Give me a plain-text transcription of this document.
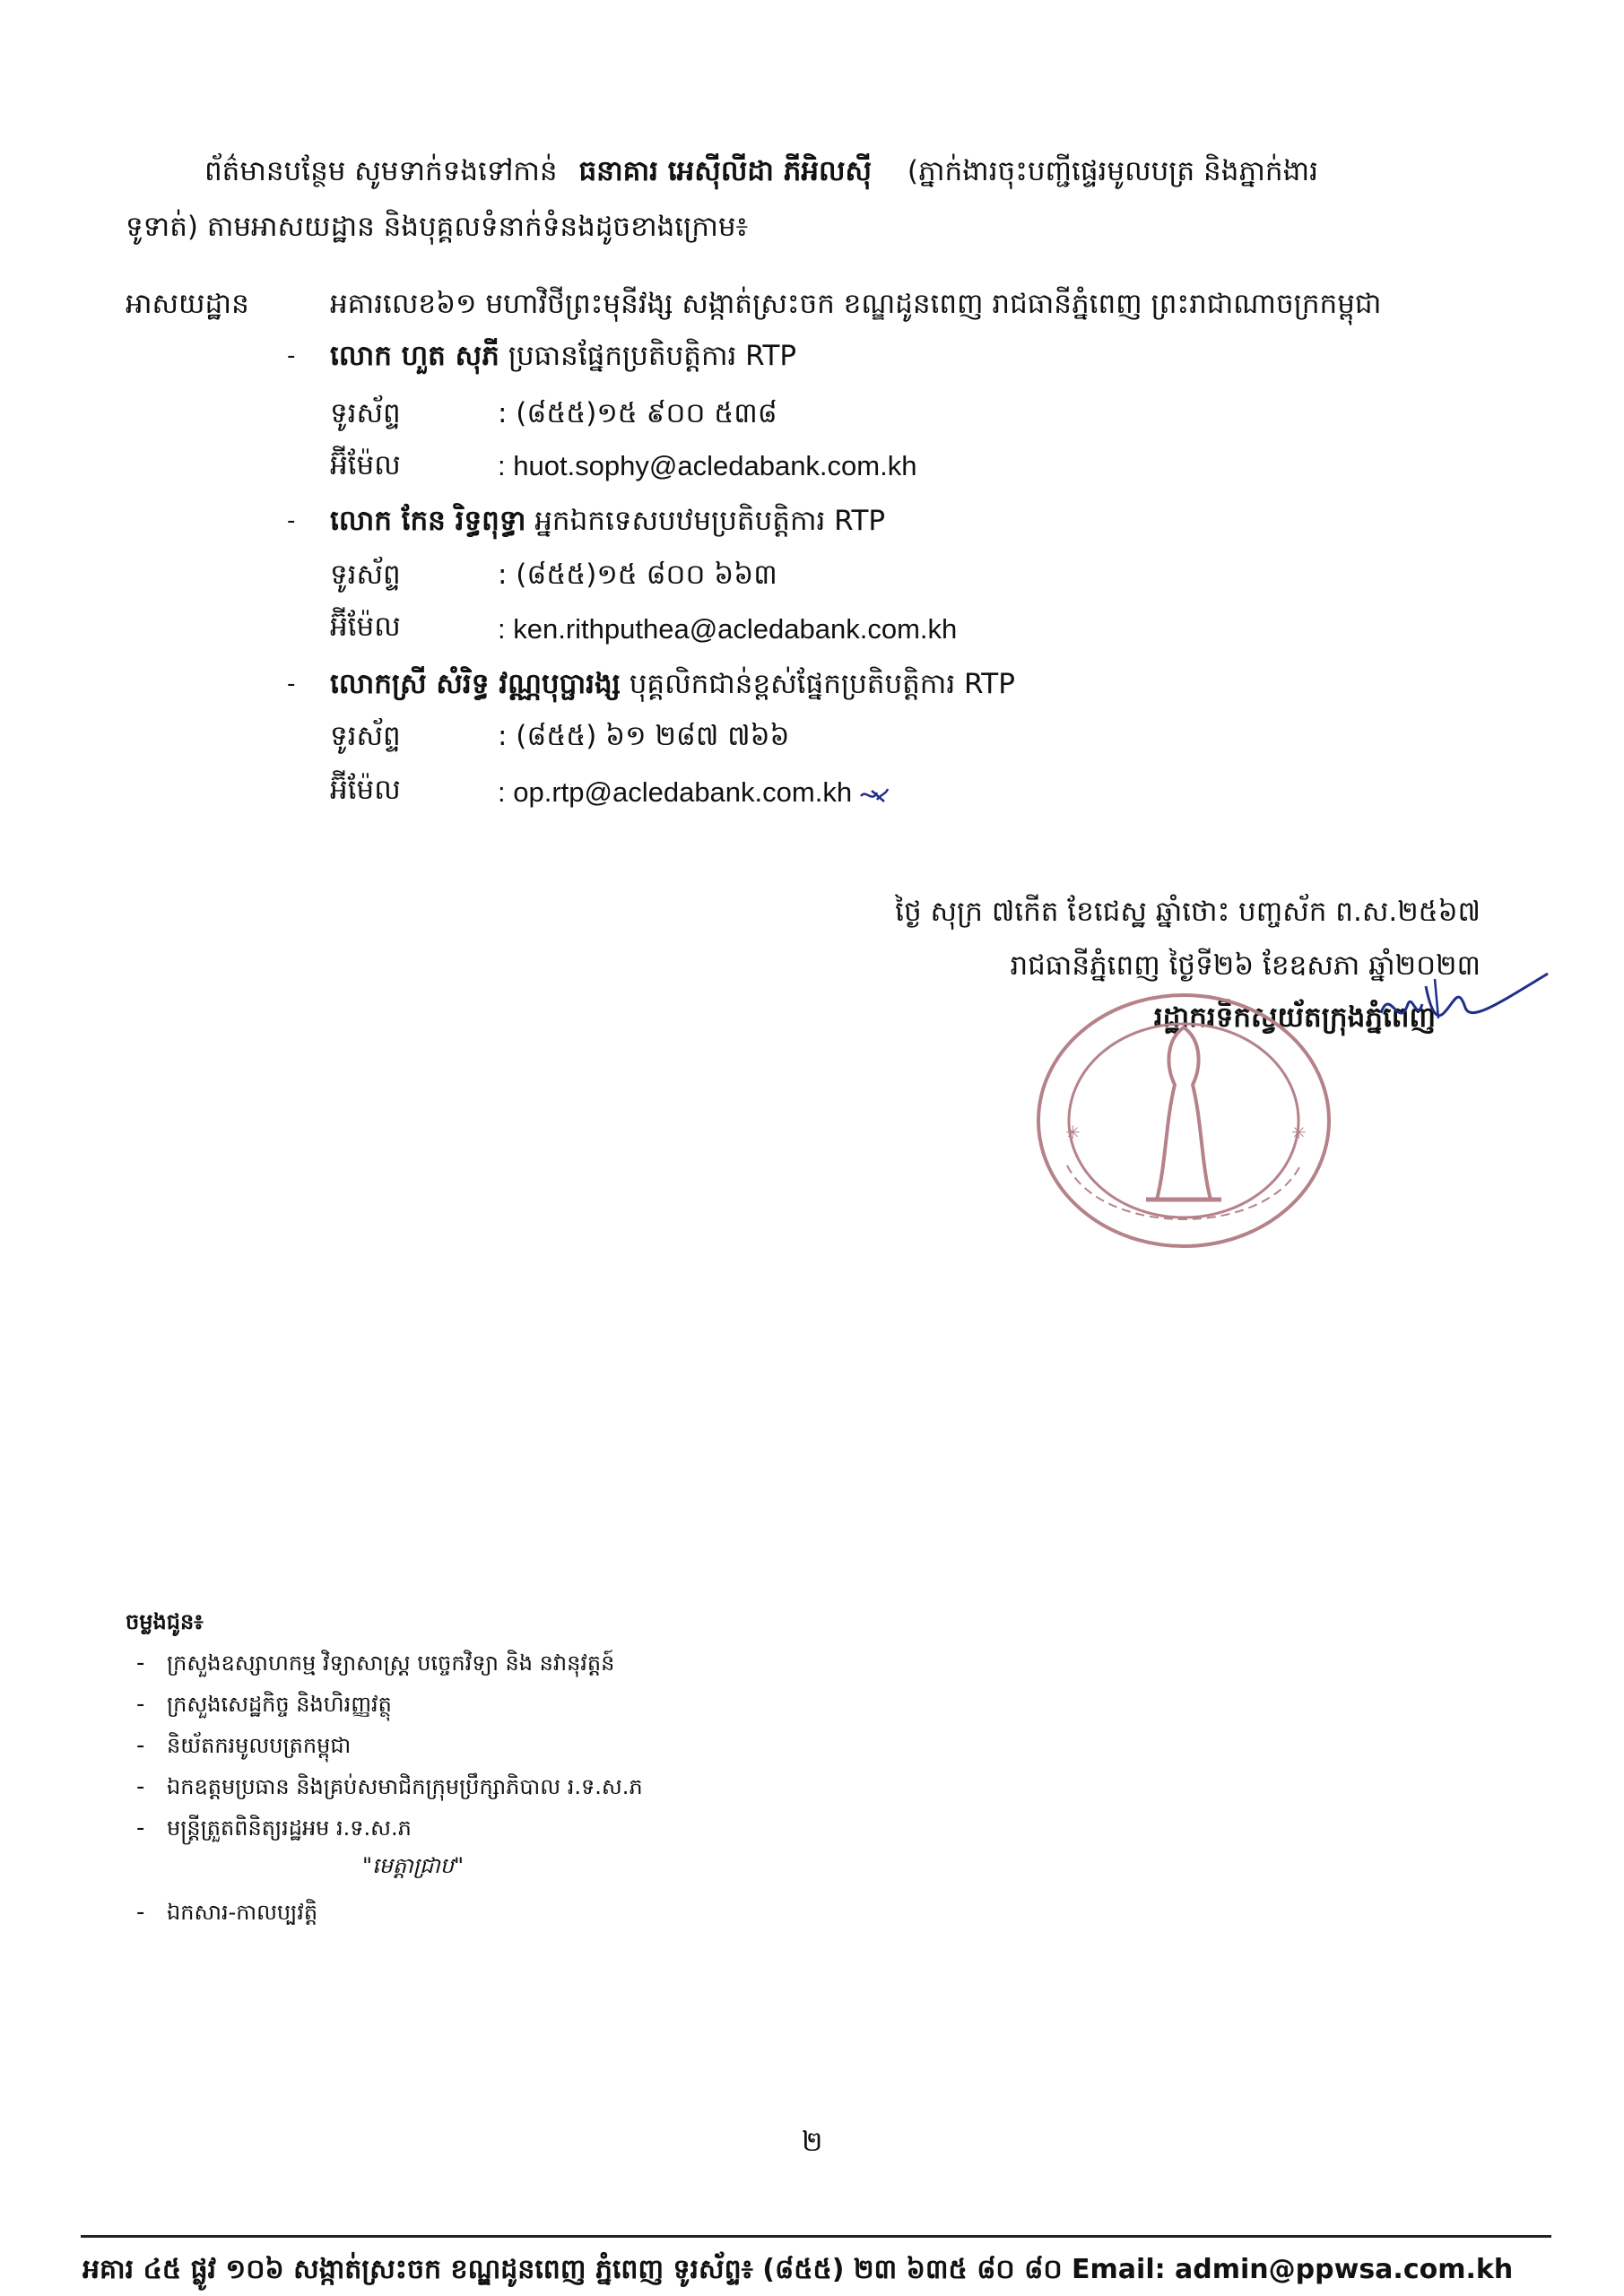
ព័ត៌មានបន្ថែម សូមទាក់ទងទៅកាន់ ធនាគារ អេស៊ីលីដា ភីអិលស៊ី (ភ្នាក់ងារចុះបញ្ជីផ្ទេរមូលបត្រ និងភ្នាក់ងារ
ទូទាត់) តាមអាសយដ្ឋាន និងបុគ្គលទំនាក់ទំនងដូចខាងក្រោម៖
អាសយដ្ឋាន	អគារលេខ៦១ មហាវិថីព្រះមុនីវង្ស សង្កាត់ស្រះចក ខណ្ឌដូនពេញ រាជធានីភ្នំពេញ ព្រះរាជាណាចក្រកម្ពុជា
- លោក ហួត សុភី ប្រធានផ្នែកប្រតិបត្តិការ RTP
ទូរស័ព្ទ	: (៨៥៥)១៥ ៩០០ ៥៣៨
អ៊ីម៉ែល	: huot.sophy@acledabank.com.kh
- លោក កែន រិទ្ធពុទ្ធា អ្នកឯកទេសបឋមប្រតិបត្តិការ RTP
ទូរស័ព្ទ	: (៨៥៥)១៥ ៨០០ ៦៦៣
អ៊ីម៉ែល	: ken.rithputhea@acledabank.com.kh
- លោកស្រី សំរិទ្ធ វណ្ណបុប្ផារង្ស បុគ្គលិកជាន់ខ្ពស់ផ្នែកប្រតិបត្តិការ RTP
ទូរស័ព្ទ	: (៨៥៥) ៦១ ២៨៧ ៧៦៦
អ៊ីម៉ែល	: op.rtp@acledabank.com.kh
ថ្ងៃ សុក្រ ៧កើត ខែជេស្ឋ ឆ្នាំថោះ បញ្ចស័ក ព.ស.២៥៦៧
រាជធានីភ្នំពេញ ថ្ងៃទី២៦ ខែឧសភា ឆ្នាំ២០២៣
រដ្ឋាករទឹកស្វយ័តក្រុងភ្នំពេញ
✳	✳
ចម្លងជូន៖
- ក្រសួងឧស្សាហកម្ម វិទ្យាសាស្ត្រ បច្ចេកវិទ្យា និង នវានុវត្តន៍
- ក្រសួងសេដ្ឋកិច្ច និងហិរញ្ញវត្ថុ
- និយ័តករមូលបត្រកម្ពុជា
- ឯកឧត្តមប្រធាន និងគ្រប់សមាជិកក្រុមប្រឹក្សាភិបាល រ.ទ.ស.ភ
- មន្ត្រីត្រួតពិនិត្យរដ្ឋអម រ.ទ.ស.ភ
"មេត្តាជ្រាប"
- ឯកសារ-កាលប្បវត្តិ
២
អគារ ៤៥ ផ្លូវ ១០៦ សង្កាត់ស្រះចក ខណ្ឌដូនពេញ ភ្នំពេញ ទូរស័ព្ទ៖ (៨៥៥) ២៣ ៦៣៥ ៨០ ៨០ Email: admin@ppwsa.com.kh
